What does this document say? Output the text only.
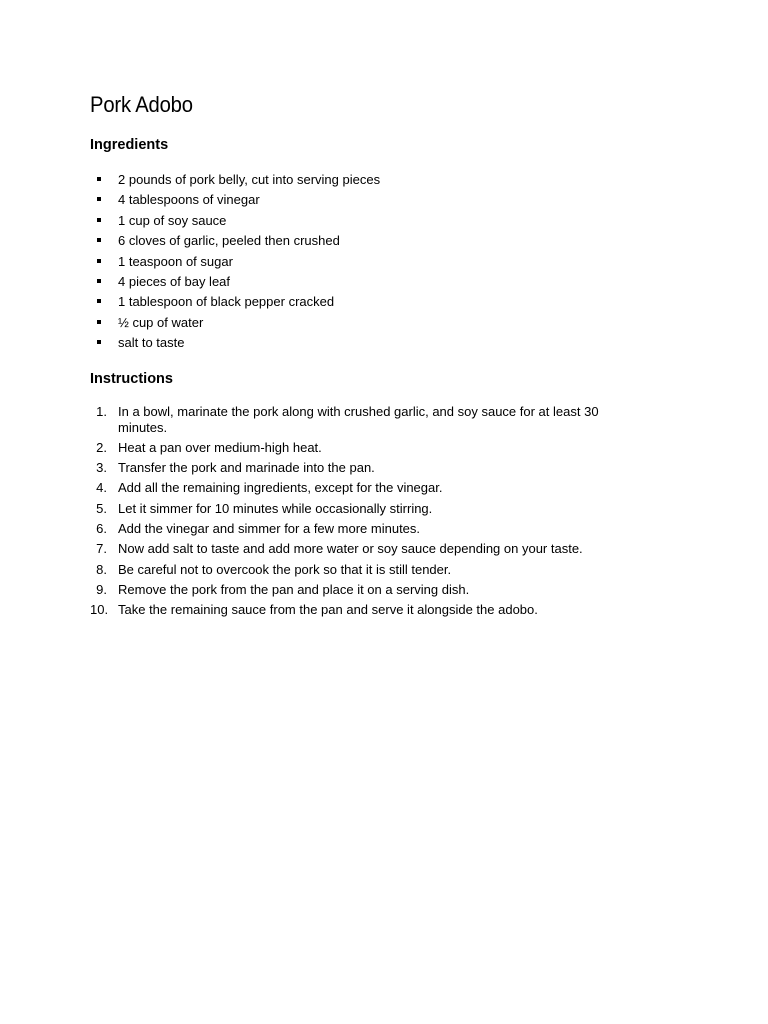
Pork Adobo
Ingredients
2 pounds of pork belly, cut into serving pieces
4 tablespoons of vinegar
1 cup of soy sauce
6 cloves of garlic, peeled then crushed
1 teaspoon of sugar
4 pieces of bay leaf
1 tablespoon of black pepper cracked
½ cup of water
salt to taste
Instructions
1. In a bowl, marinate the pork along with crushed garlic, and soy sauce for at least 30 minutes.
2. Heat a pan over medium-high heat.
3. Transfer the pork and marinade into the pan.
4. Add all the remaining ingredients, except for the vinegar.
5. Let it simmer for 10 minutes while occasionally stirring.
6. Add the vinegar and simmer for a few more minutes.
7. Now add salt to taste and add more water or soy sauce depending on your taste.
8. Be careful not to overcook the pork so that it is still tender.
9. Remove the pork from the pan and place it on a serving dish.
10. Take the remaining sauce from the pan and serve it alongside the adobo.
